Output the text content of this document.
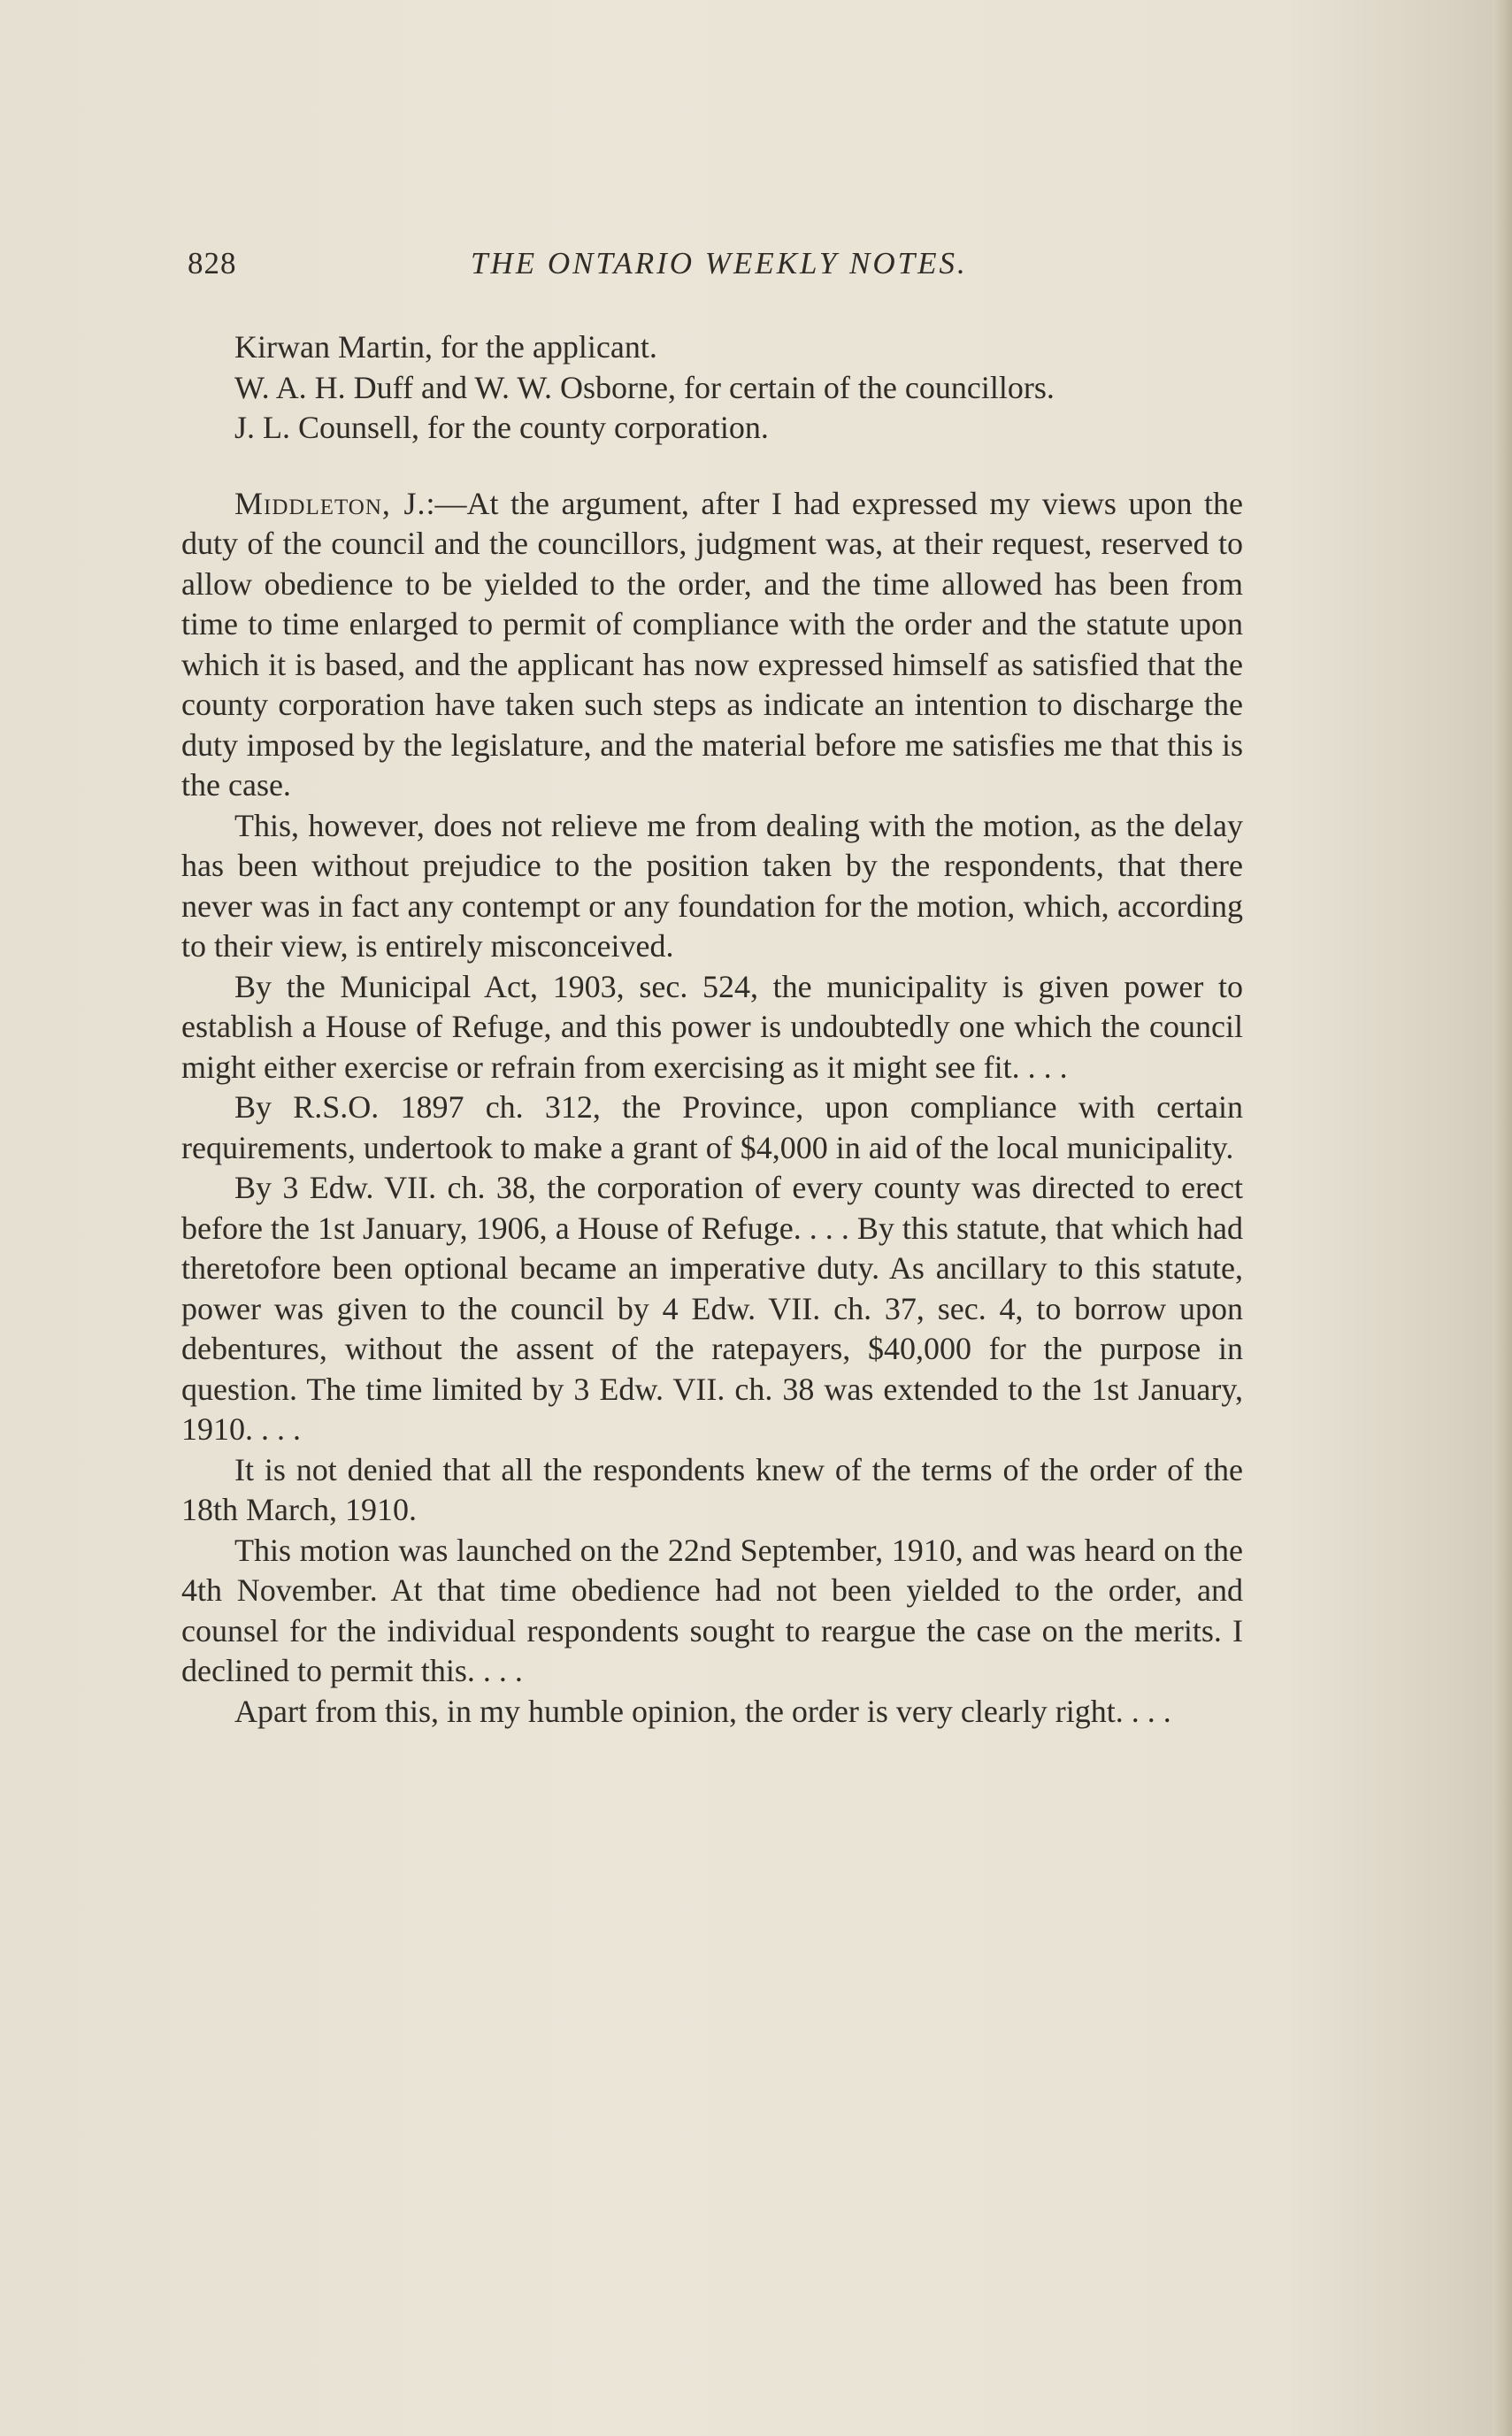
828	THE ONTARIO WEEKLY NOTES.

Kirwan Martin, for the applicant.

W. A. H. Duff and W. W. Osborne, for certain of the councillors.

J. L. Counsell, for the county corporation.

Middleton, J.:—At the argument, after I had expressed my views upon the duty of the council and the councillors, judgment was, at their request, reserved to allow obedience to be yielded to the order, and the time allowed has been from time to time enlarged to permit of compliance with the order and the statute upon which it is based, and the applicant has now expressed himself as satisfied that the county corporation have taken such steps as indicate an intention to discharge the duty imposed by the legislature, and the material before me satisfies me that this is the case.

This, however, does not relieve me from dealing with the motion, as the delay has been without prejudice to the position taken by the respondents, that there never was in fact any contempt or any foundation for the motion, which, according to their view, is entirely misconceived.

By the Municipal Act, 1903, sec. 524, the municipality is given power to establish a House of Refuge, and this power is undoubtedly one which the council might either exercise or refrain from exercising as it might see fit. . . .

By R.S.O. 1897 ch. 312, the Province, upon compliance with certain requirements, undertook to make a grant of $4,000 in aid of the local municipality.

By 3 Edw. VII. ch. 38, the corporation of every county was directed to erect before the 1st January, 1906, a House of Refuge. . . . By this statute, that which had theretofore been optional became an imperative duty. As ancillary to this statute, power was given to the council by 4 Edw. VII. ch. 37, sec. 4, to borrow upon debentures, without the assent of the ratepayers, $40,000 for the purpose in question. The time limited by 3 Edw. VII. ch. 38 was extended to the 1st January, 1910. . . .

It is not denied that all the respondents knew of the terms of the order of the 18th March, 1910.

This motion was launched on the 22nd September, 1910, and was heard on the 4th November. At that time obedience had not been yielded to the order, and counsel for the individual respondents sought to reargue the case on the merits. I declined to permit this. . . .

Apart from this, in my humble opinion, the order is very clearly right. . . .
